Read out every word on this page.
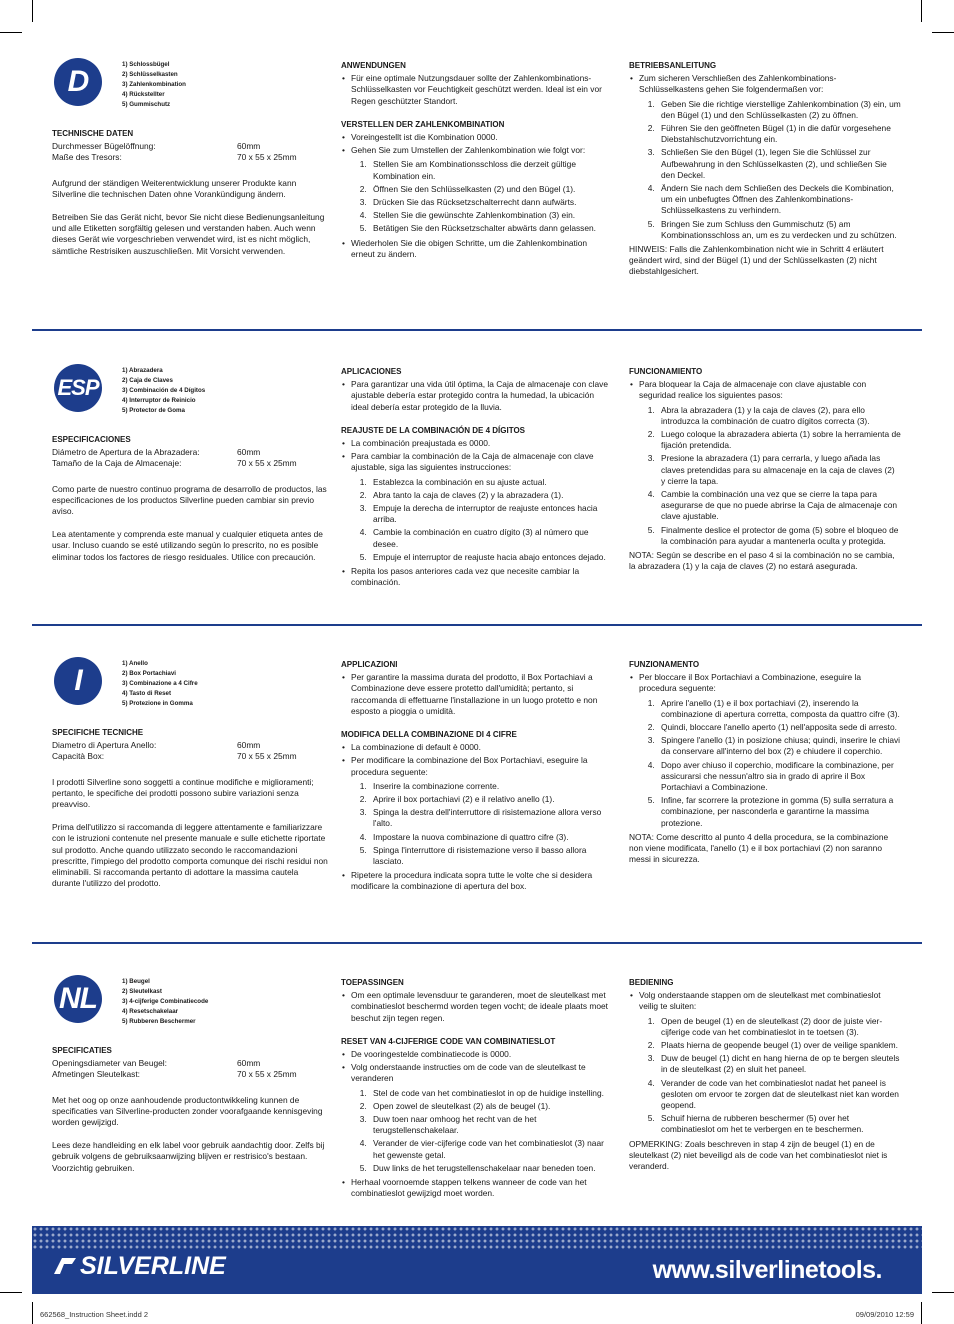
D
1) Schlossbügel
2) Schlüsselkasten
3) Zahlenkombination
4) Rückstellter
5) Gummischutz
TECHNISCHE DATEN
Durchmesser Bügelöffnung:	60mm
Maße des Tresors:	70 x 55 x 25mm

Aufgrund der ständigen Weiterentwicklung unserer Produkte kann Silverline die technischen Daten ohne Vorankündigung ändern.

Betreiben Sie das Gerät nicht, bevor Sie nicht diese Bedienungsanleitung und alle Etiketten sorgfältig gelesen und verstanden haben. Auch wenn dieses Gerät wie vorgeschrieben verwendet wird, ist es nicht möglich, sämtliche Restrisiken auszuschließen. Mit Vorsicht verwenden.

ANWENDUNGEN
• Für eine optimale Nutzungsdauer sollte der Zahlenkombinations-Schlüsselkasten vor Feuchtigkeit geschützt werden. Ideal ist ein vor Regen geschützter Standort.
VERSTELLEN DER ZAHLENKOMBINATION
• Voreingestellt ist die Kombination 0000.
• Gehen Sie zum Umstellen der Zahlenkombination wie folgt vor:
1. Stellen Sie am Kombinationsschloss die derzeit gültige Kombination ein.
2. Öffnen Sie den Schlüsselkasten (2) und den Bügel (1).
3. Drücken Sie das Rücksetzschalterrecht dann aufwärts.
4. Stellen Sie die gewünschte Zahlenkombination (3) ein.
5. Betätigen Sie den Rücksetzschalter abwärts dann gelassen.
• Wiederholen Sie die obigen Schritte, um die Zahlenkombination erneut zu ändern.
BETRIEBSANLEITUNG
• Zum sicheren Verschließen des Zahlenkombinations-Schlüsselkastens gehen Sie folgendermaßen vor:
1. Geben Sie die richtige vierstellige Zahlenkombination (3) ein, um den Bügel (1) und den Schlüsselkasten (2) zu öffnen.
2. Führen Sie den geöffneten Bügel (1) in die dafür vorgesehene Diebstahlschutzvorrichtung ein.
3. Schließen Sie den Bügel (1), legen Sie die Schlüssel zur Aufbewahrung in den Schlüsselkasten (2), und schließen Sie den Deckel.
4. Ändern Sie nach dem Schließen des Deckels die Kombination, um ein unbefugtes Öffnen des Zahlenkombinations-Schlüsselkastens zu verhindern.
5. Bringen Sie zum Schluss den Gummischutz (5) am Kombinationsschloss an, um es zu verdecken und zu schützen.
HINWEIS: Falls die Zahlenkombination nicht wie in Schritt 4 erläutert geändert wird, sind der Bügel (1) und der Schlüsselkasten (2) nicht diebstahlgesichert.
ESP
1) Abrazadera
2) Caja de Claves
3) Combinación de 4 Dígitos
4) Interruptor de Reinicio
5) Protector de Goma
ESPECIFICACIONES
Diámetro de Apertura de la Abrazadera:	60mm
Tamaño de la Caja de Almacenaje:	70 x 55 x 25mm

Como parte de nuestro continuo programa de desarrollo de productos, las especificaciones de los productos Silverline pueden cambiar sin previo aviso.

Lea atentamente y comprenda este manual y cualquier etiqueta antes de usar. Incluso cuando se esté utilizando según lo prescrito, no es posible eliminar todos los factores de riesgo residuales. Utilice con precaución.

APLICACIONES
• Para garantizar una vida útil óptima, la Caja de almacenaje con clave ajustable debería estar protegido contra la humedad, la ubicación ideal debería estar protegido de la lluvia.
REAJUSTE DE LA COMBINACIÓN DE 4 DÍGITOS
• La combinación preajustada es 0000.
• Para cambiar la combinación de la Caja de almacenaje con clave ajustable, siga las siguientes instrucciones:
1. Establezca la combinación en su ajuste actual.
2. Abra tanto la caja de claves (2) y la abrazadera (1).
3. Empuje la derecha de interruptor de reajuste entonces hacia arriba.
4. Cambie la combinación en cuatro dígito (3) al número que desee.
5. Empuje el interruptor de reajuste hacia abajo entonces dejado.
• Repita los pasos anteriores cada vez que necesite cambiar la combinación.
FUNCIONAMIENTO
• Para bloquear la Caja de almacenaje con clave ajustable con seguridad realice los siguientes pasos:
1. Abra la abrazadera (1) y la caja de claves (2), para ello introduzca la combinación de cuatro dígitos correcta (3).
2. Luego coloque la abrazadera abierta (1) sobre la herramienta de fijación pretendida.
3. Presione la abrazadera (1) para cerrarla, y luego añada las claves pretendidas para su almacenaje en la caja de claves (2) y cierre la tapa.
4. Cambie la combinación una vez que se cierre la tapa para asegurarse de que no puede abrirse la Caja de almacenaje con clave ajustable.
5. Finalmente deslice el protector de goma (5) sobre el bloqueo de la combinación para ayudar a mantenerla oculta y protegida.
NOTA: Según se describe en el paso 4 si la combinación no se cambia, la abrazadera (1) y la caja de claves (2) no estará asegurada.
I
1) Anello
2) Box Portachiavi
3) Combinazione a 4 Cifre
4) Tasto di Reset
5) Protezione in Gomma
SPECIFICHE TECNICHE
Diametro di Apertura Anello:	60mm
Capacità Box:	70 x 55 x 25mm

I prodotti Silverline sono soggetti a continue modifiche e miglioramenti; pertanto, le specifiche dei prodotti possono subire variazioni senza preavviso.

Prima dell'utilizzo si raccomanda di leggere attentamente e familiarizzare con le istruzioni contenute nel presente manuale e sulle etichette riportate sul prodotto. Anche quando utilizzato secondo le raccomandazioni prescritte, l'impiego del prodotto comporta comunque dei rischi residui non eliminabili. Si raccomanda pertanto di adottare la massima cautela durante l'utilizzo del prodotto.

APPLICAZIONI
• Per garantire la massima durata del prodotto, il Box Portachiavi a Combinazione deve essere protetto dall'umidità; pertanto, si raccomanda di effettuarne l'installazione in un luogo protetto e non esposto a pioggia o umidità.
MODIFICA DELLA COMBINAZIONE DI 4 CIFRE
• La combinazione di default è 0000.
• Per modificare la combinazione del Box Portachiavi, eseguire la procedura seguente:
1. Inserire la combinazione corrente.
2. Aprire il box portachiavi (2) e il relativo anello (1).
3. Spinga la destra dell'interruttore di risistemazione allora verso l'alto.
4. Impostare la nuova combinazione di quattro cifre (3).
5. Spinga l'interruttore di risistemazione verso il basso allora lasciato.
• Ripetere la procedura indicata sopra tutte le volte che si desidera modificare la combinazione di apertura del box.
FUNZIONAMENTO
• Per bloccare il Box Portachiavi a Combinazione, eseguire la procedura seguente:
1. Aprire l'anello (1) e il box portachiavi (2), inserendo la combinazione di apertura corretta, composta da quattro cifre (3).
2. Quindi, bloccare l'anello aperto (1) nell'apposita sede di arresto.
3. Spingere l'anello (1) in posizione chiusa; quindi, inserire le chiavi da conservare all'interno del box (2) e chiudere il coperchio.
4. Dopo aver chiuso il coperchio, modificare la combinazione, per assicurarsi che nessun'altro sia in grado di aprire il Box Portachiavi a Combinazione.
5. Infine, far scorrere la protezione in gomma (5) sulla serratura a combinazione, per nasconderla e garantirne la massima protezione.
NOTA: Come descritto al punto 4 della procedura, se la combinazione non viene modificata, l'anello (1) e il box portachiavi (2) non saranno messi in sicurezza.
NL
1) Beugel
2) Sleutelkast
3) 4-cijferige Combinatiecode
4) Resetschakelaar
5) Rubberen Beschermer
SPECIFICATIES
Openingsdiameter van Beugel:	60mm
Afmetingen Sleutelkast:	70 x 55 x 25mm

Met het oog op onze aanhoudende productontwikkeling kunnen de specificaties van Silverline-producten zonder voorafgaande kennisgeving worden gewijzigd.

Lees deze handleiding en elk label voor gebruik aandachtig door. Zelfs bij gebruik volgens de gebruiksaanwijzing blijven er restrisico's bestaan. Voorzichtig gebruiken.

TOEPASSINGEN
• Om een optimale levensduur te garanderen, moet de sleutelkast met combinatieslot beschermd worden tegen vocht; de ideale plaats moet beschut zijn tegen regen.
RESET VAN 4-CIJFERIGE CODE VAN COMBINATIESLOT
• De vooringestelde combinatiecode is 0000.
• Volg onderstaande instructies om de code van de sleutelkast te veranderen
1. Stel de code van het combinatieslot in op de huidige instelling.
2. Open zowel de sleutelkast (2) als de beugel (1).
3. Duw toen naar omhoog het recht van de het terugstellenschakelaar.
4. Verander de vier-cijferige code van het combinatieslot (3) naar het gewenste getal.
5. Duw links de het terugstellenschakelaar naar beneden toen.
• Herhaal voornoemde stappen telkens wanneer de code van het combinatieslot gewijzigd moet worden.
BEDIENING
• Volg onderstaande stappen om de sleutelkast met combinatieslot veilig te sluiten:
1. Open de beugel (1) en de sleutelkast (2) door de juiste vier-cijferige code van het combinatieslot in te toetsen (3).
2. Plaats hierna de geopende beugel (1) over de veilige spanklem.
3. Duw de beugel (1) dicht en hang hierna de op te bergen sleutels in de sleutelkast (2) en sluit het paneel.
4. Verander de code van het combinatieslot nadat het paneel is gesloten om ervoor te zorgen dat de sleutelkast niet kan worden geopend.
5. Schuif hierna de rubberen beschermer (5) over het combinatieslot om het te verbergen en te beschermen.
OPMERKING: Zoals beschreven in stap 4 zijn de beugel (1) en de sleutelkast (2) niet beveiligd als de code van het combinatieslot niet is veranderd.
SILVERLINE	www.silverlinetools.
662568_Instruction Sheet.indd 2	09/09/2010 12:59
